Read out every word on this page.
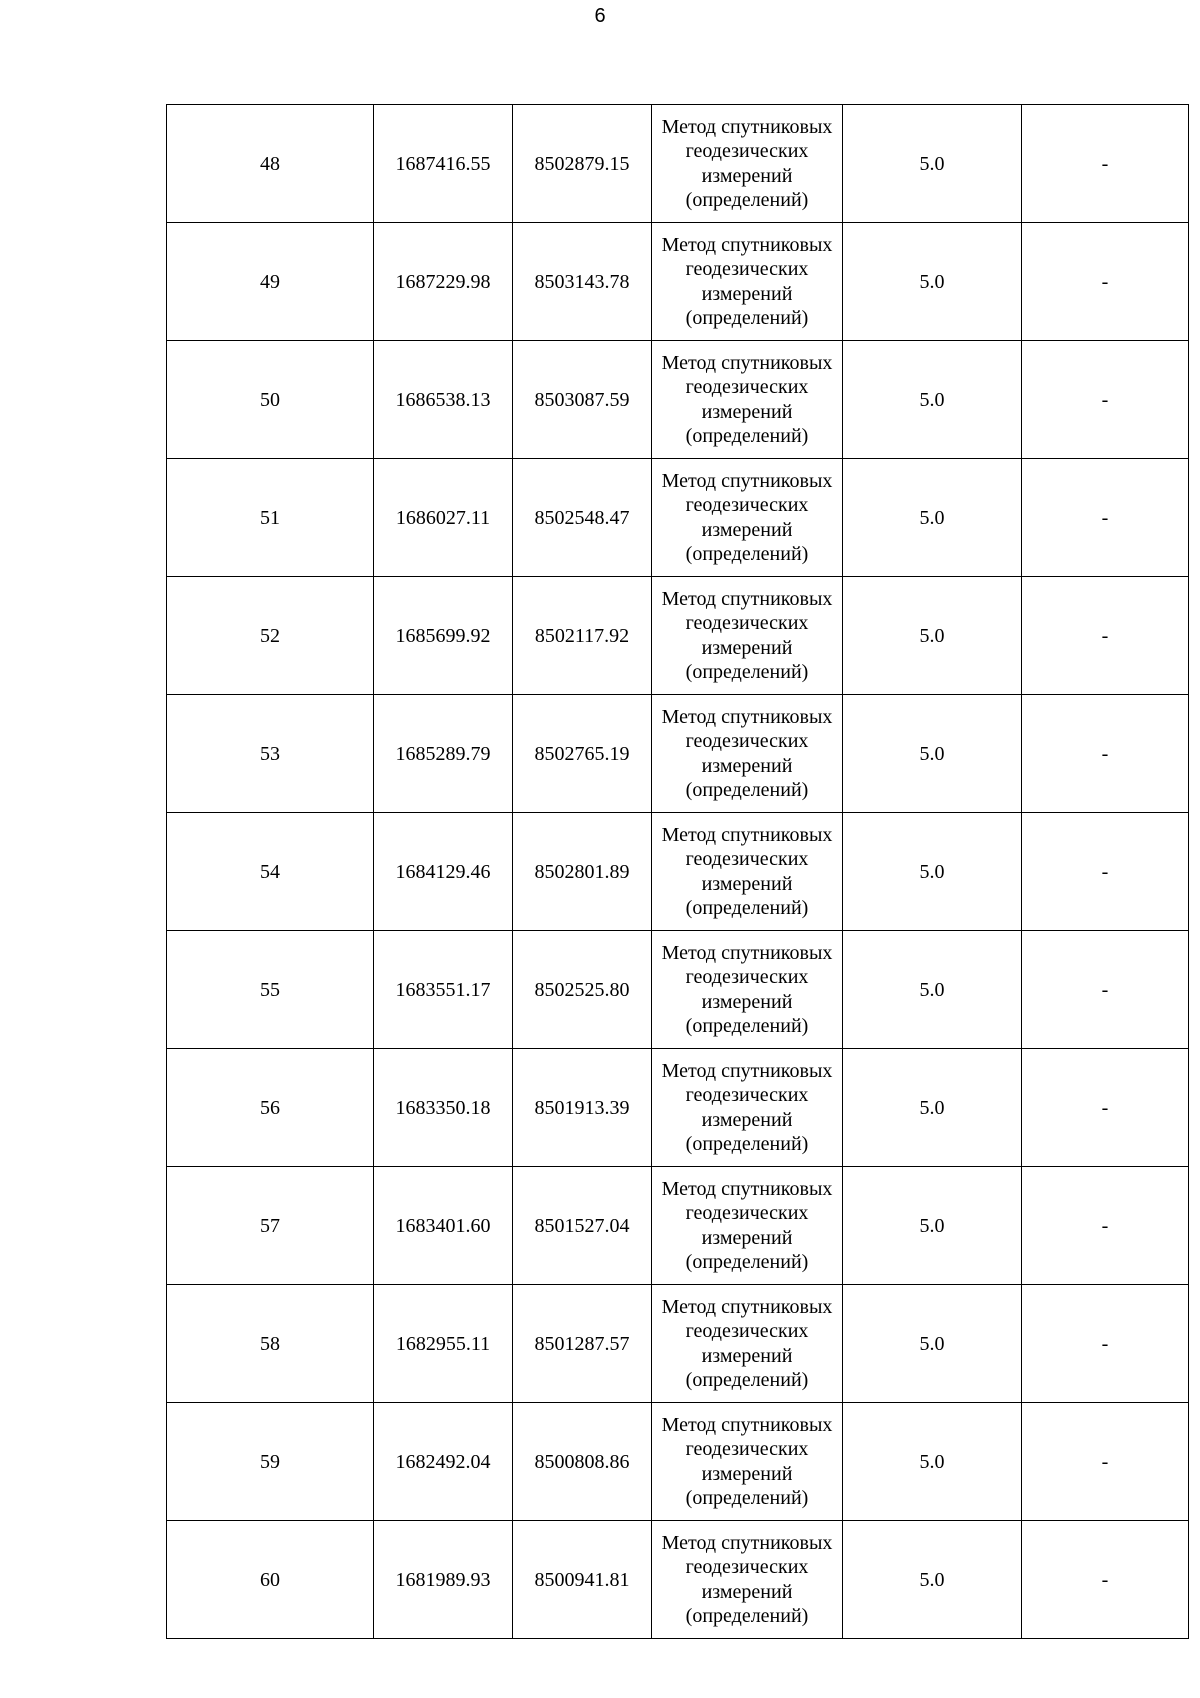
6
48	1687416.55	8502879.15	Метод спутниковых
геодезических
измерений
(определений)	5.0	-
49	1687229.98	8503143.78	Метод спутниковых
геодезических
измерений
(определений)	5.0	-
50	1686538.13	8503087.59	Метод спутниковых
геодезических
измерений
(определений)	5.0	-
51	1686027.11	8502548.47	Метод спутниковых
геодезических
измерений
(определений)	5.0	-
52	1685699.92	8502117.92	Метод спутниковых
геодезических
измерений
(определений)	5.0	-
53	1685289.79	8502765.19	Метод спутниковых
геодезических
измерений
(определений)	5.0	-
54	1684129.46	8502801.89	Метод спутниковых
геодезических
измерений
(определений)	5.0	-
55	1683551.17	8502525.80	Метод спутниковых
геодезических
измерений
(определений)	5.0	-
56	1683350.18	8501913.39	Метод спутниковых
геодезических
измерений
(определений)	5.0	-
57	1683401.60	8501527.04	Метод спутниковых
геодезических
измерений
(определений)	5.0	-
58	1682955.11	8501287.57	Метод спутниковых
геодезических
измерений
(определений)	5.0	-
59	1682492.04	8500808.86	Метод спутниковых
геодезических
измерений
(определений)	5.0	-
60	1681989.93	8500941.81	Метод спутниковых
геодезических
измерений
(определений)	5.0	-
